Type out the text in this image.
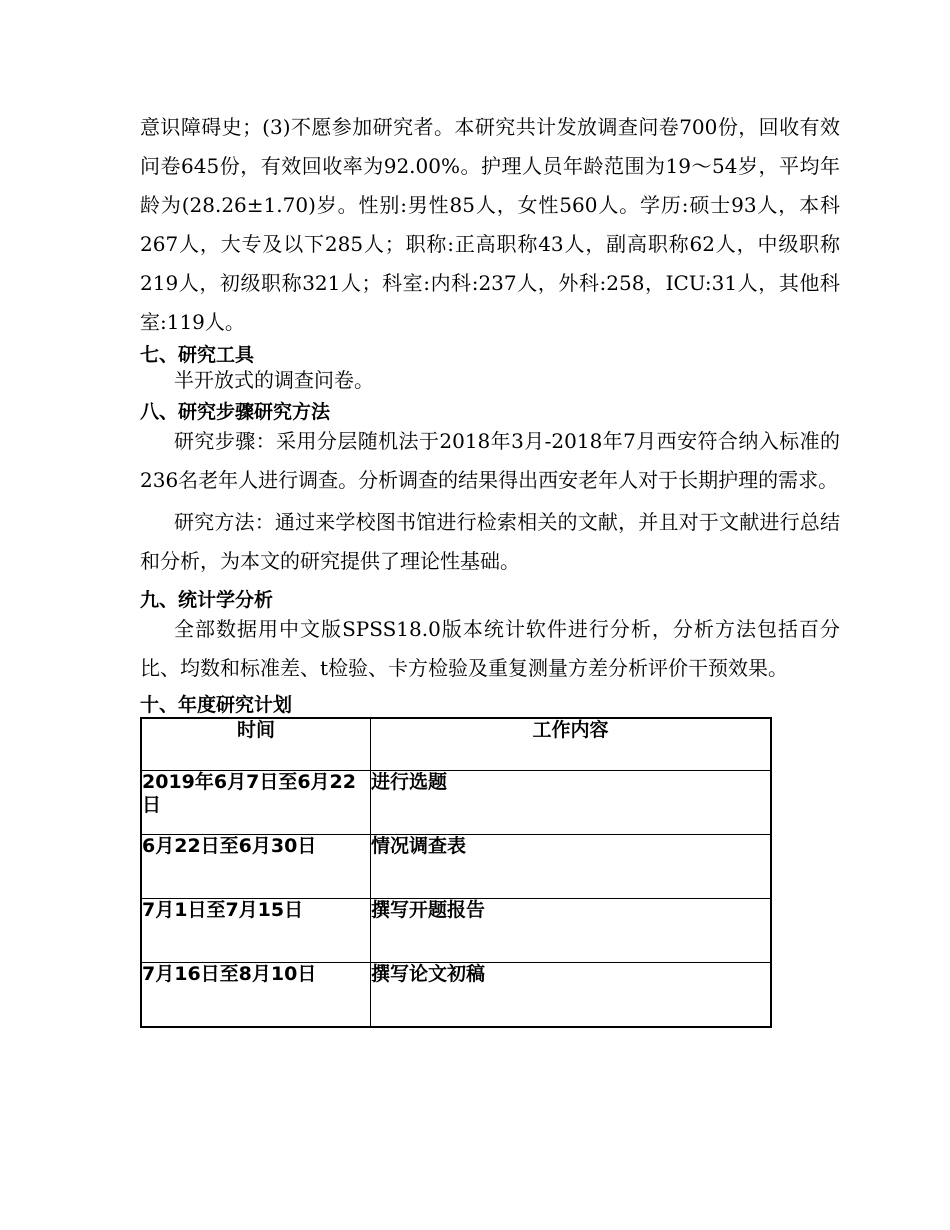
意识障碍史；(3)不愿参加研究者。本研究共计发放调查问卷700份，回收有效问卷645份，有效回收率为92.00%。护理人员年龄范围为19～54岁，平均年龄为(28.26±1.70)岁。性别:男性85人，女性560人。学历:硕士93人，本科267人，大专及以下285人；职称:正高职称43人，副高职称62人，中级职称219人，初级职称321人；科室:内科:237人，外科:258，ICU:31人，其他科室:119人。

七、研究工具

半开放式的调查问卷。

八、研究步骤研究方法

研究步骤：采用分层随机法于2018年3月-2018年7月西安符合纳入标准的236名老年人进行调查。分析调查的结果得出西安老年人对于长期护理的需求。

研究方法：通过来学校图书馆进行检索相关的文献，并且对于文献进行总结和分析，为本文的研究提供了理论性基础。

九、统计学分析

全部数据用中文版SPSS18.0版本统计软件进行分析，分析方法包括百分比、均数和标准差、t检验、卡方检验及重复测量方差分析评价干预效果。

十、年度研究计划
时间	工作内容
2019年6月7日至6月22日	进行选题
6月22日至6月30日	情况调查表
7月1日至7月15日	撰写开题报告
7月16日至8月10日	撰写论文初稿
